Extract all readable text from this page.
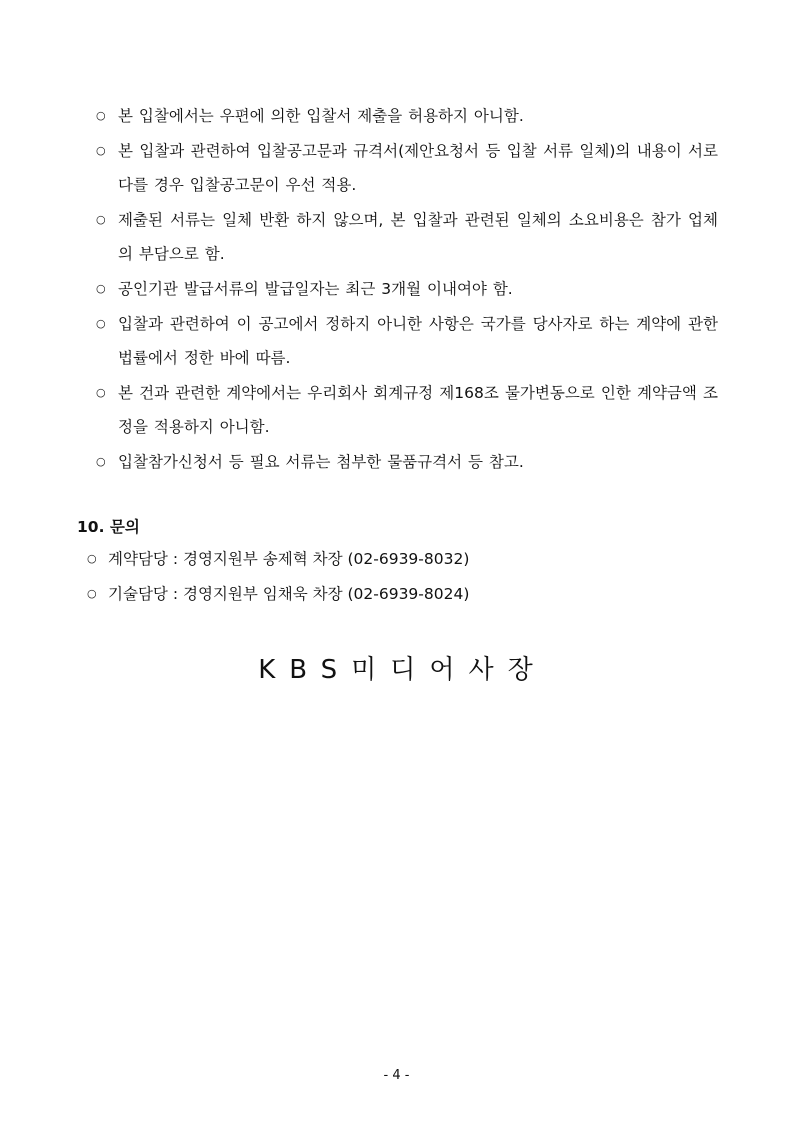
○ 본 입찰에서는 우편에 의한 입찰서 제출을 허용하지 아니함.
○ 본 입찰과 관련하여 입찰공고문과 규격서(제안요청서 등 입찰 서류 일체)의 내용이 서로 다를 경우 입찰공고문이 우선 적용.
○ 제출된 서류는 일체 반환 하지 않으며, 본 입찰과 관련된 일체의 소요비용은 참가 업체의 부담으로 함.
○ 공인기관 발급서류의 발급일자는 최근 3개월 이내여야 함.
○ 입찰과 관련하여 이 공고에서 정하지 아니한 사항은 국가를 당사자로 하는 계약에 관한 법률에서 정한 바에 따름.
○ 본 건과 관련한 계약에서는 우리회사 회계규정 제168조 물가변동으로 인한 계약금액 조정을 적용하지 아니함.
○ 입찰참가신청서 등 필요 서류는 첨부한 물품규격서 등 참고.
10. 문의
○ 계약담당 : 경영지원부 송제혁 차장 (02-6939-8032)
○ 기술담당 : 경영지원부 임채욱 차장 (02-6939-8024)
KBS미디어사장
- 4 -
